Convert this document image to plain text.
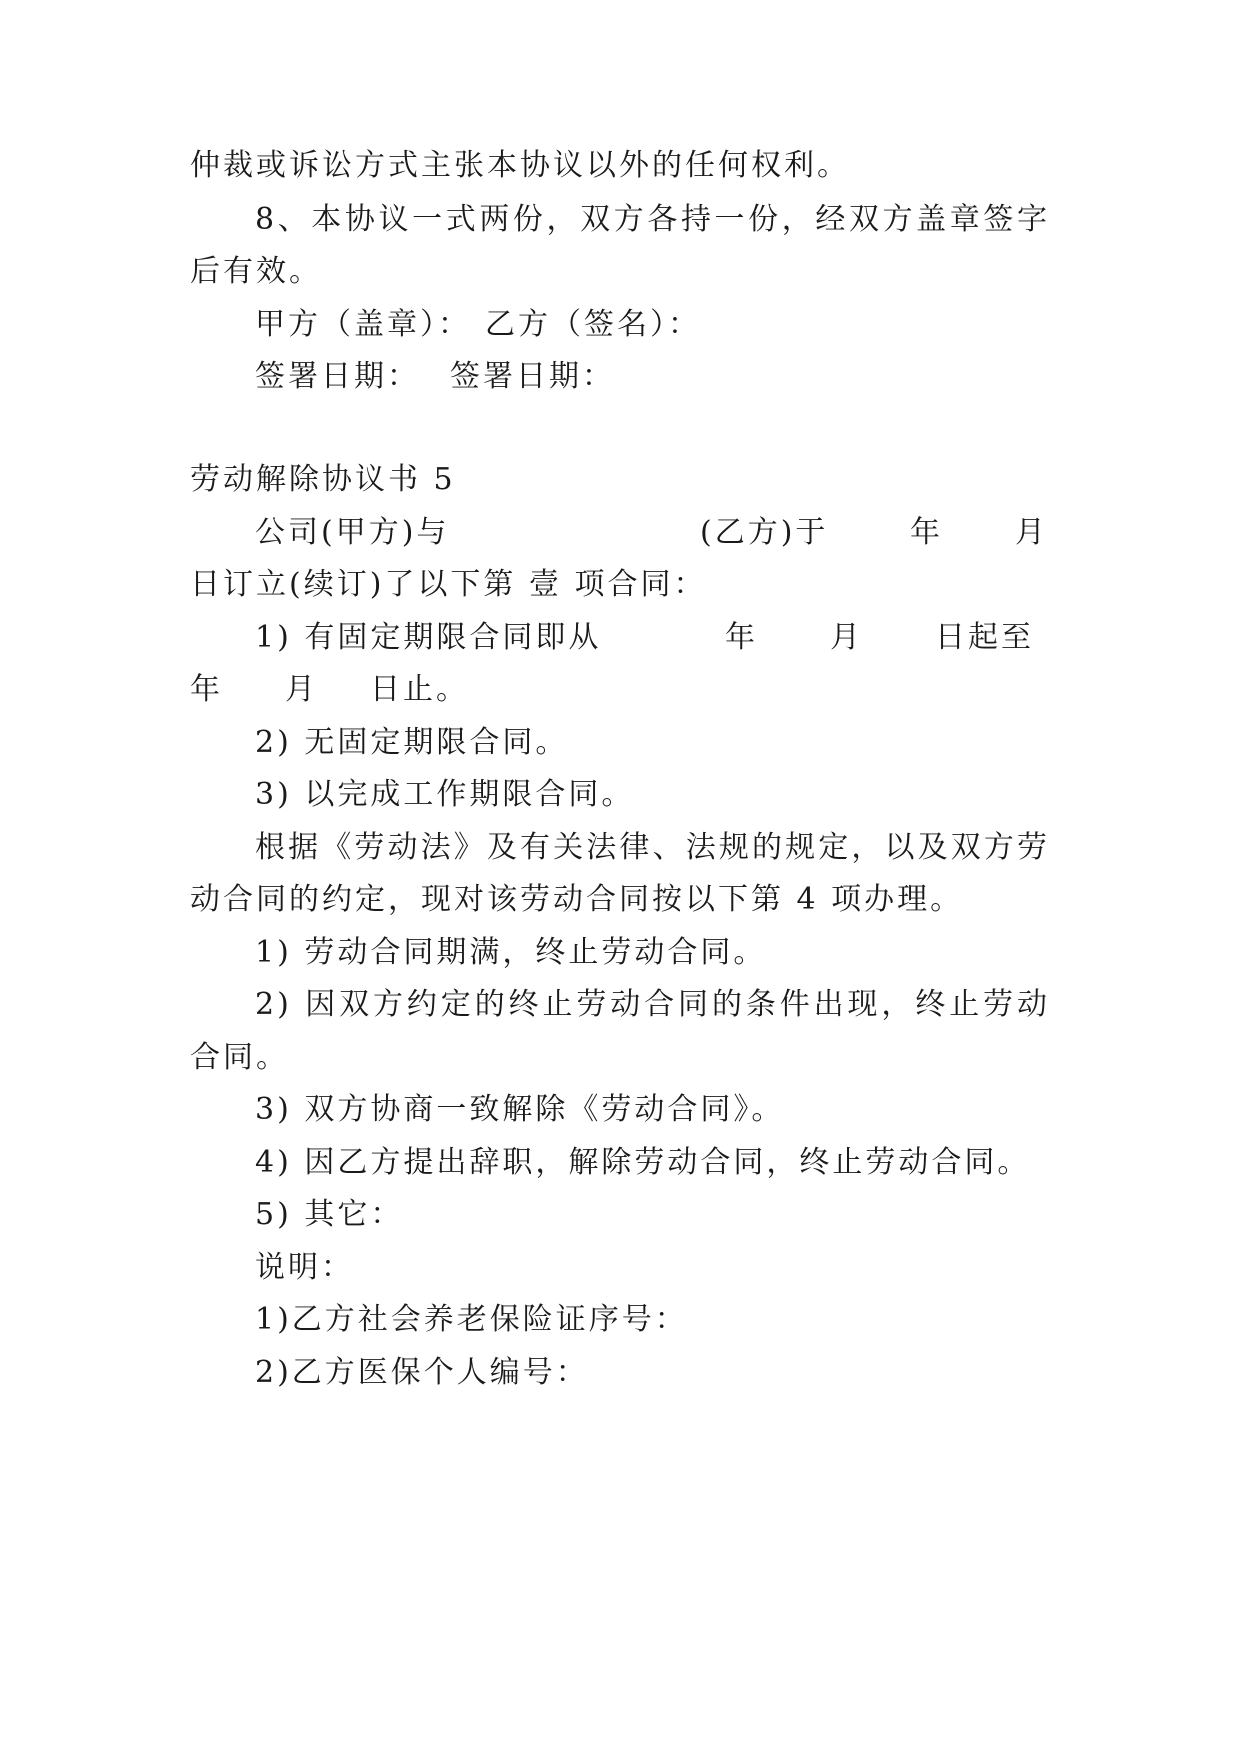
仲裁或诉讼方式主张本协议以外的任何权利。
8、本协议一式两份，双方各持一份，经双方盖章签字
后有效。
甲方（盖章）： 乙方（签名）：
签署日期： 签署日期：
劳动解除协议书 5
公司(甲方)与	(乙方)于	年 月
日订立(续订)了以下第 壹 项合同：
1) 有固定期限合同即从	年 月 日起至
年 月 日止。
2) 无固定期限合同。
3) 以完成工作期限合同。
根据《劳动法》及有关法律、法规的规定，以及双方劳
动合同的约定，现对该劳动合同按以下第 4 项办理。
1) 劳动合同期满，终止劳动合同。
2) 因双方约定的终止劳动合同的条件出现，终止劳动
合同。
3) 双方协商一致解除《劳动合同》。
4) 因乙方提出辞职，解除劳动合同，终止劳动合同。
5) 其它：
说明：
1)乙方社会养老保险证序号：
2)乙方医保个人编号：
